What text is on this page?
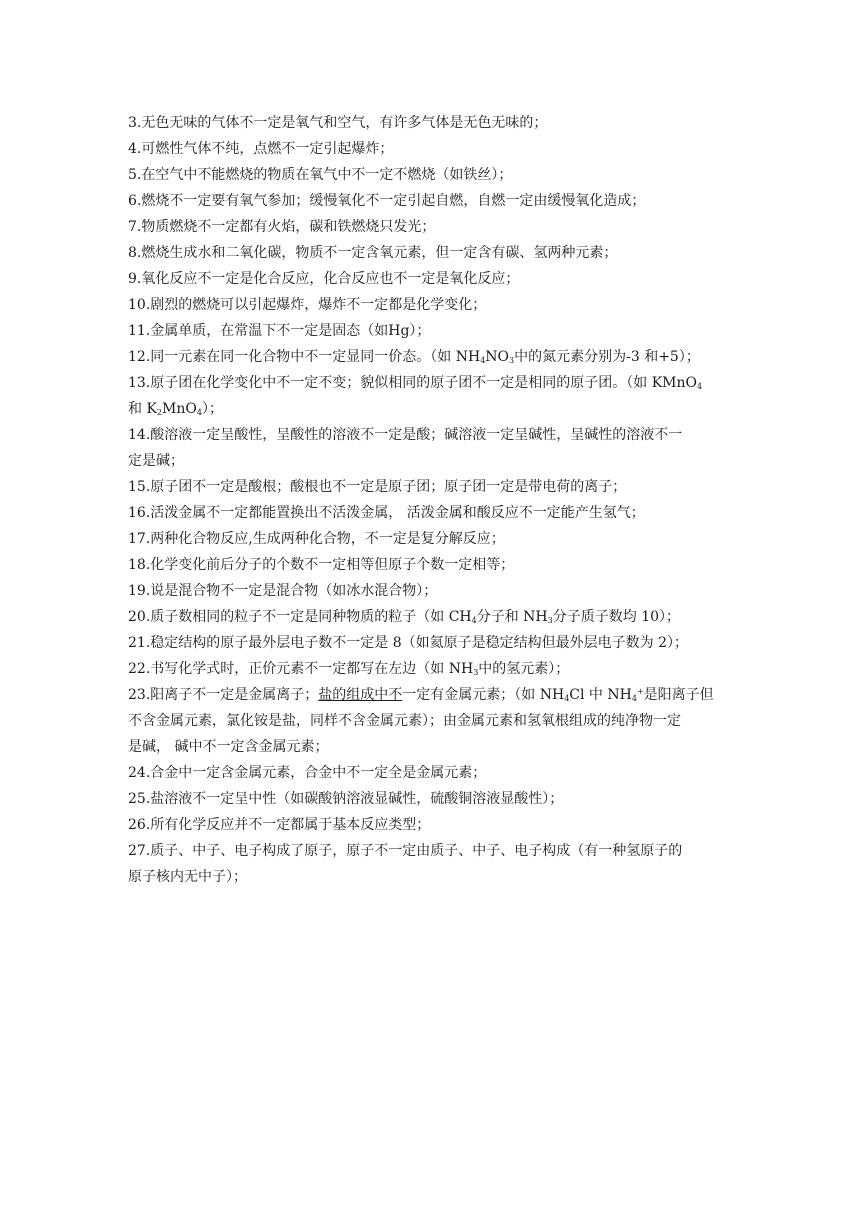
3.无色无味的气体不一定是氧气和空气，有许多气体是无色无味的；
4.可燃性气体不纯，点燃不一定引起爆炸；
5.在空气中不能燃烧的物质在氧气中不一定不燃烧（如铁丝）；
6.燃烧不一定要有氧气参加；缓慢氧化不一定引起自燃，自燃一定由缓慢氧化造成；
7.物质燃烧不一定都有火焰，碳和铁燃烧只发光；
8.燃烧生成水和二氧化碳，物质不一定含氧元素，但一定含有碳、氢两种元素；
9.氧化反应不一定是化合反应，化合反应也不一定是氧化反应；
10.剧烈的燃烧可以引起爆炸，爆炸不一定都是化学变化；
11.金属单质，在常温下不一定是固态（如Hg）；
12.同一元素在同一化合物中不一定显同一价态。（如 $NH_4NO_3$中的氮元素分别为-3 和+5）；
13.原子团在化学变化中不一定不变；貌似相同的原子团不一定是相同的原子团。（如 KMnO$_4$
和 $K_2MnO_4$）；
14.酸溶液一定呈酸性，呈酸性的溶液不一定是酸；碱溶液一定呈碱性，呈碱性的溶液不一
定是碱；
15.原子团不一定是酸根；酸根也不一定是原子团；原子团一定是带电荷的离子；
16.活泼金属不一定都能置换出不活泼金属， 活泼金属和酸反应不一定能产生氢气；
17.两种化合物反应,生成两种化合物，不一定是复分解反应；
18.化学变化前后分子的个数不一定相等但原子个数一定相等；
19.说是混合物不一定是混合物（如冰水混合物）；
20.质子数相同的粒子不一定是同种物质的粒子（如 $CH_4$分子和 $NH_3$分子质子数均 10）；
21.稳定结构的原子最外层电子数不一定是 8（如氦原子是稳定结构但最外层电子数为 2）；
22.书写化学式时，正价元素不一定都写在左边（如 $NH_3$中的氢元素）；
23.阳离子不一定是金属离子；盐的组成中不一定有金属元素；（如 $NH_4Cl$ 中 $NH_4^+$是阳离子但
不含金属元素，氯化铵是盐，同样不含金属元素）；由金属元素和氢氧根组成的纯净物一定
是碱， 碱中不一定含金属元素；
24.合金中一定含金属元素，合金中不一定全是金属元素；
25.盐溶液不一定呈中性（如碳酸钠溶液显碱性，硫酸铜溶液显酸性）；
26.所有化学反应并不一定都属于基本反应类型；
27.质子、中子、电子构成了原子，原子不一定由质子、中子、电子构成（有一种氢原子的
原子核内无中子）；
